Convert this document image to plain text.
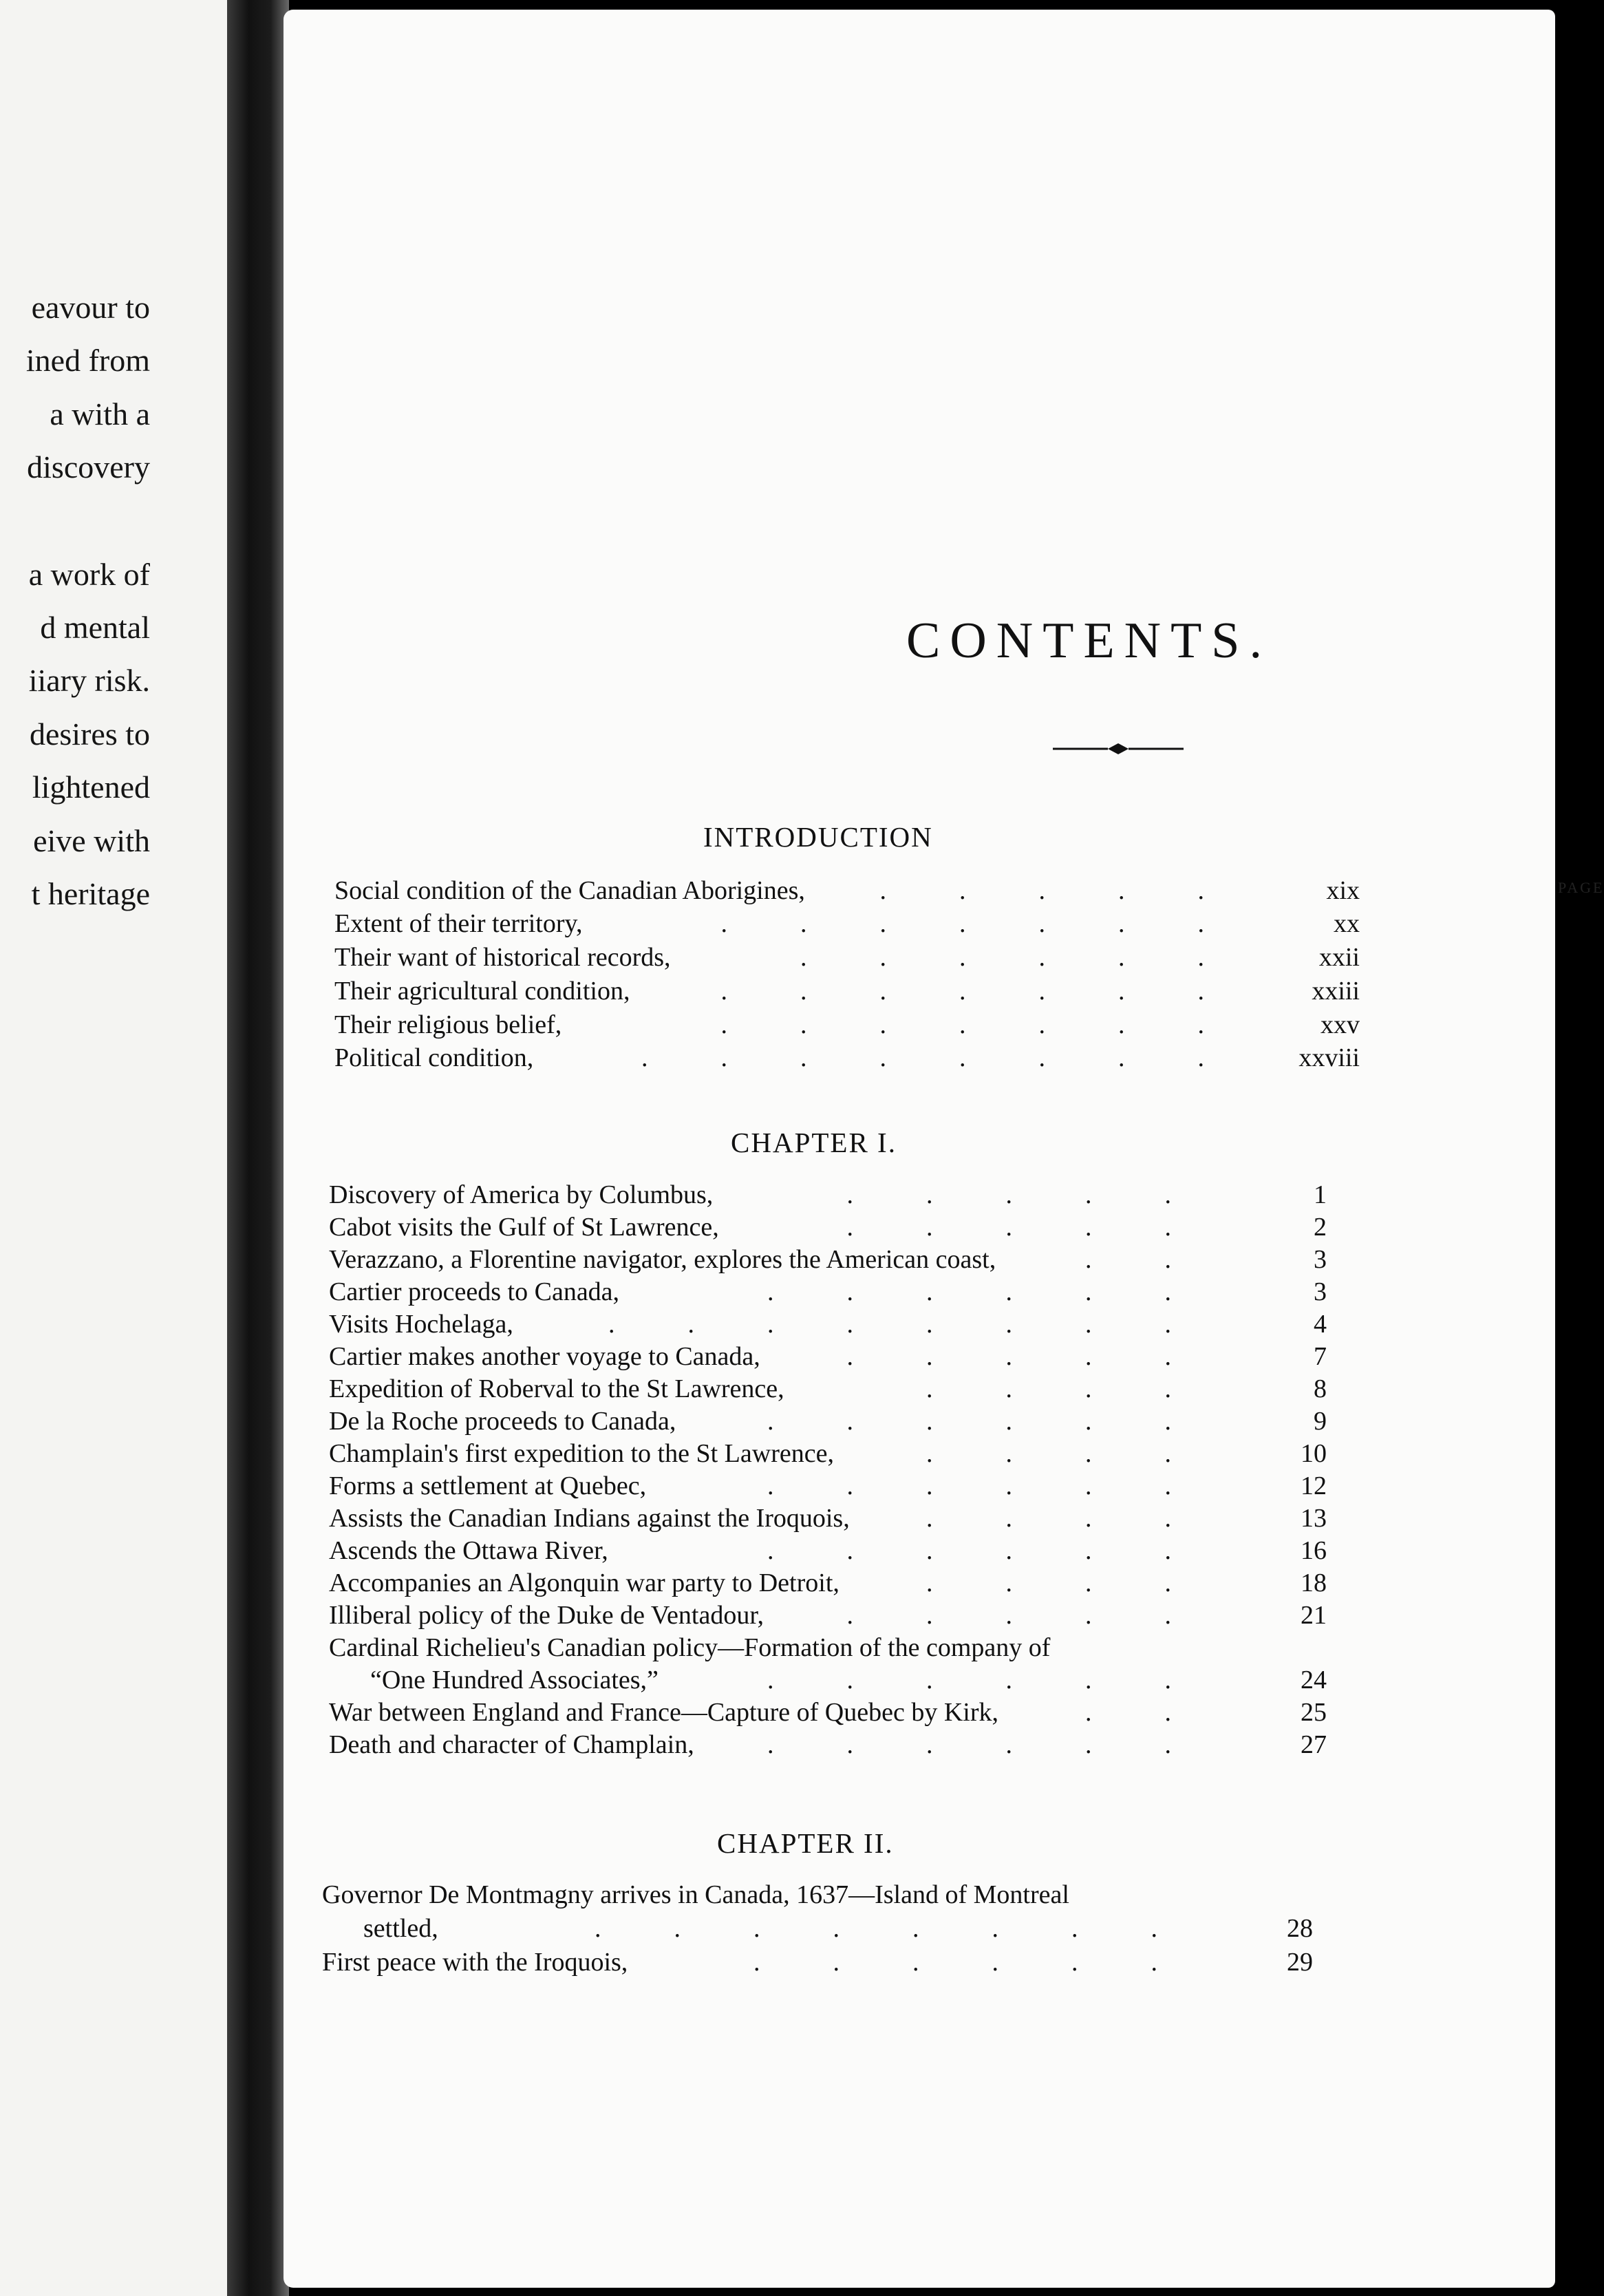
eavour to
ined from
a with a
discovery
a work of
d mental
iiary risk.
desires to
lightened
eive with
t heritage
CONTENTS.
PAGE
INTRODUCTION
Social condition of the Canadian Aborigines,	.....	xix
Extent of their territory,	.......	xx
Their want of historical records,	......	xxii
Their agricultural condition,	.......	xxiii
Their religious belief,	.......	xxv
Political condition,	........ xxviii
CHAPTER I.
Discovery of America by Columbus,	.....	1
Cabot visits the Gulf of St Lawrence,	.....	2
Verazzano, a Florentine navigator, explores the American coast,	..	3
Cartier proceeds to Canada,	......	3
Visits Hochelaga,	........	4
Cartier makes another voyage to Canada,	.....	7
Expedition of Roberval to the St Lawrence,	....	8
De la Roche proceeds to Canada,	......	9
Champlain's first expedition to the St Lawrence,	....	10
Forms a settlement at Quebec,	......	12
Assists the Canadian Indians against the Iroquois,	....	13
Ascends the Ottawa River,	......	16
Accompanies an Algonquin war party to Detroit,	....	18
Illiberal policy of the Duke de Ventadour,	.....	21
Cardinal Richelieu's Canadian policy—Formation of the company of
“One Hundred Associates,”	......	24
War between England and France—Capture of Quebec by Kirk,	..	25
Death and character of Champlain,	......	27
CHAPTER II.
Governor De Montmagny arrives in Canada, 1637—Island of Montreal
settled,	........	28
First peace with the Iroquois,	......	29
